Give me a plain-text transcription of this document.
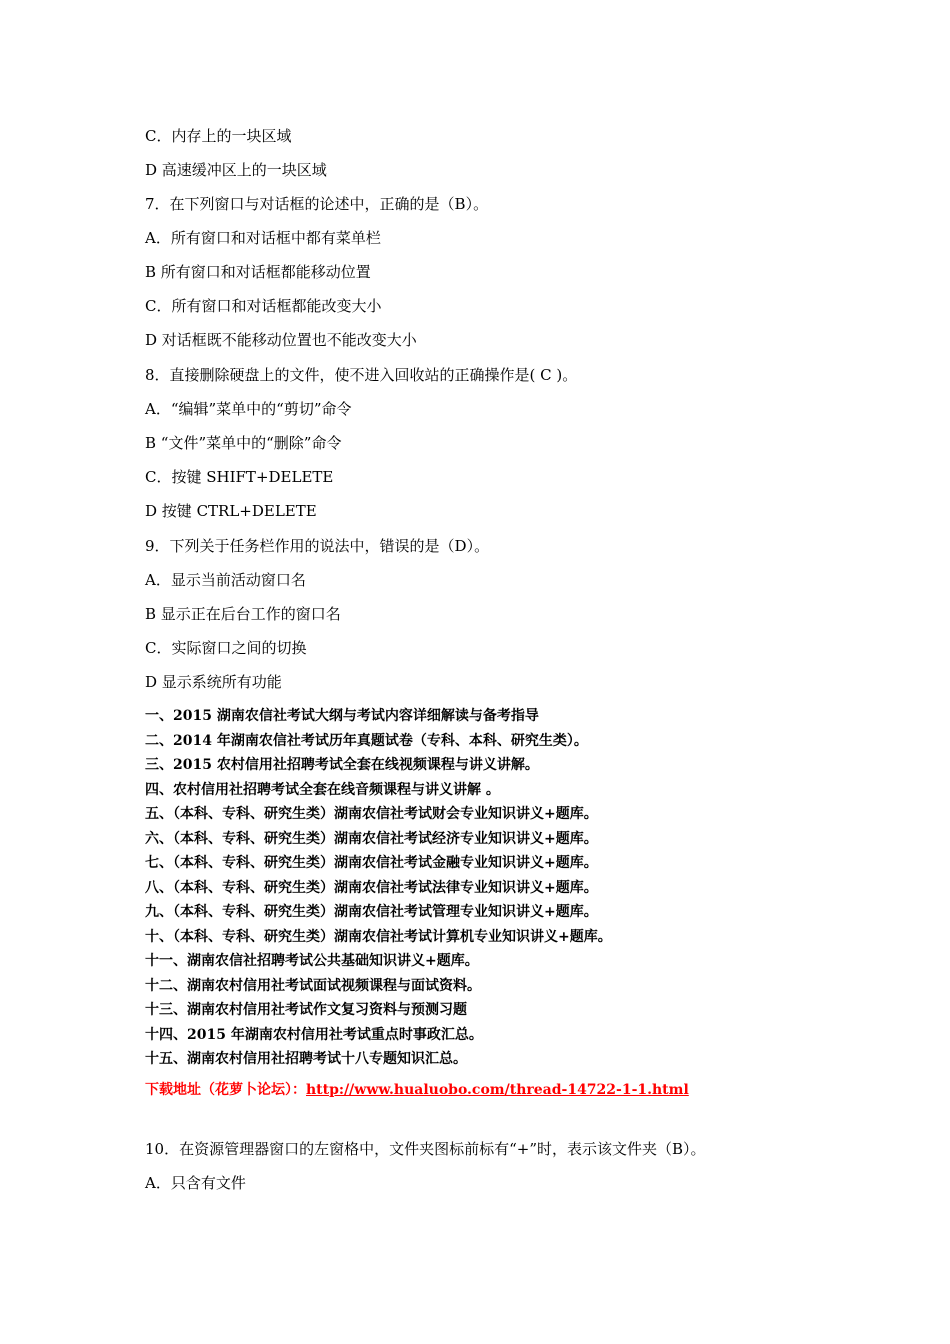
C．内存上的一块区域
D 高速缓冲区上的一块区域
7．在下列窗口与对话框的论述中，正确的是（B）。
A．所有窗口和对话框中都有菜单栏
B 所有窗口和对话框都能移动位置
C．所有窗口和对话框都能改变大小
D 对话框既不能移动位置也不能改变大小
8．直接删除硬盘上的文件，使不进入回收站的正确操作是( C )。
A．“编辑”菜单中的“剪切”命令
B “文件”菜单中的“删除”命令
C．按键 SHIFT+DELETE
D 按键 CTRL+DELETE
9．下列关于任务栏作用的说法中，错误的是（D）。
A．显示当前活动窗口名
B 显示正在后台工作的窗口名
C．实际窗口之间的切换
D 显示系统所有功能
一、2015 湖南农信社考试大纲与考试内容详细解读与备考指导
二、2014 年湖南农信社考试历年真题试卷（专科、本科、研究生类）。
三、2015 农村信用社招聘考试全套在线视频课程与讲义讲解。
四、农村信用社招聘考试全套在线音频课程与讲义讲解 。
五、（本科、专科、研究生类）湖南农信社考试财会专业知识讲义+题库。
六、（本科、专科、研究生类）湖南农信社考试经济专业知识讲义+题库。
七、（本科、专科、研究生类）湖南农信社考试金融专业知识讲义+题库。
八、（本科、专科、研究生类）湖南农信社考试法律专业知识讲义+题库。
九、（本科、专科、研究生类）湖南农信社考试管理专业知识讲义+题库。
十、（本科、专科、研究生类）湖南农信社考试计算机专业知识讲义+题库。
十一、湖南农信社招聘考试公共基础知识讲义+题库。
十二、湖南农村信用社考试面试视频课程与面试资料。
十三、湖南农村信用社考试作文复习资料与预测习题
十四、2015 年湖南农村信用社考试重点时事政汇总。
十五、湖南农村信用社招聘考试十八专题知识汇总。
下载地址（花萝卜论坛）：http://www.hualuobo.com/thread-14722-1-1.html
10．在资源管理器窗口的左窗格中，文件夹图标前标有“+”时，表示该文件夹（B）。
A．只含有文件
